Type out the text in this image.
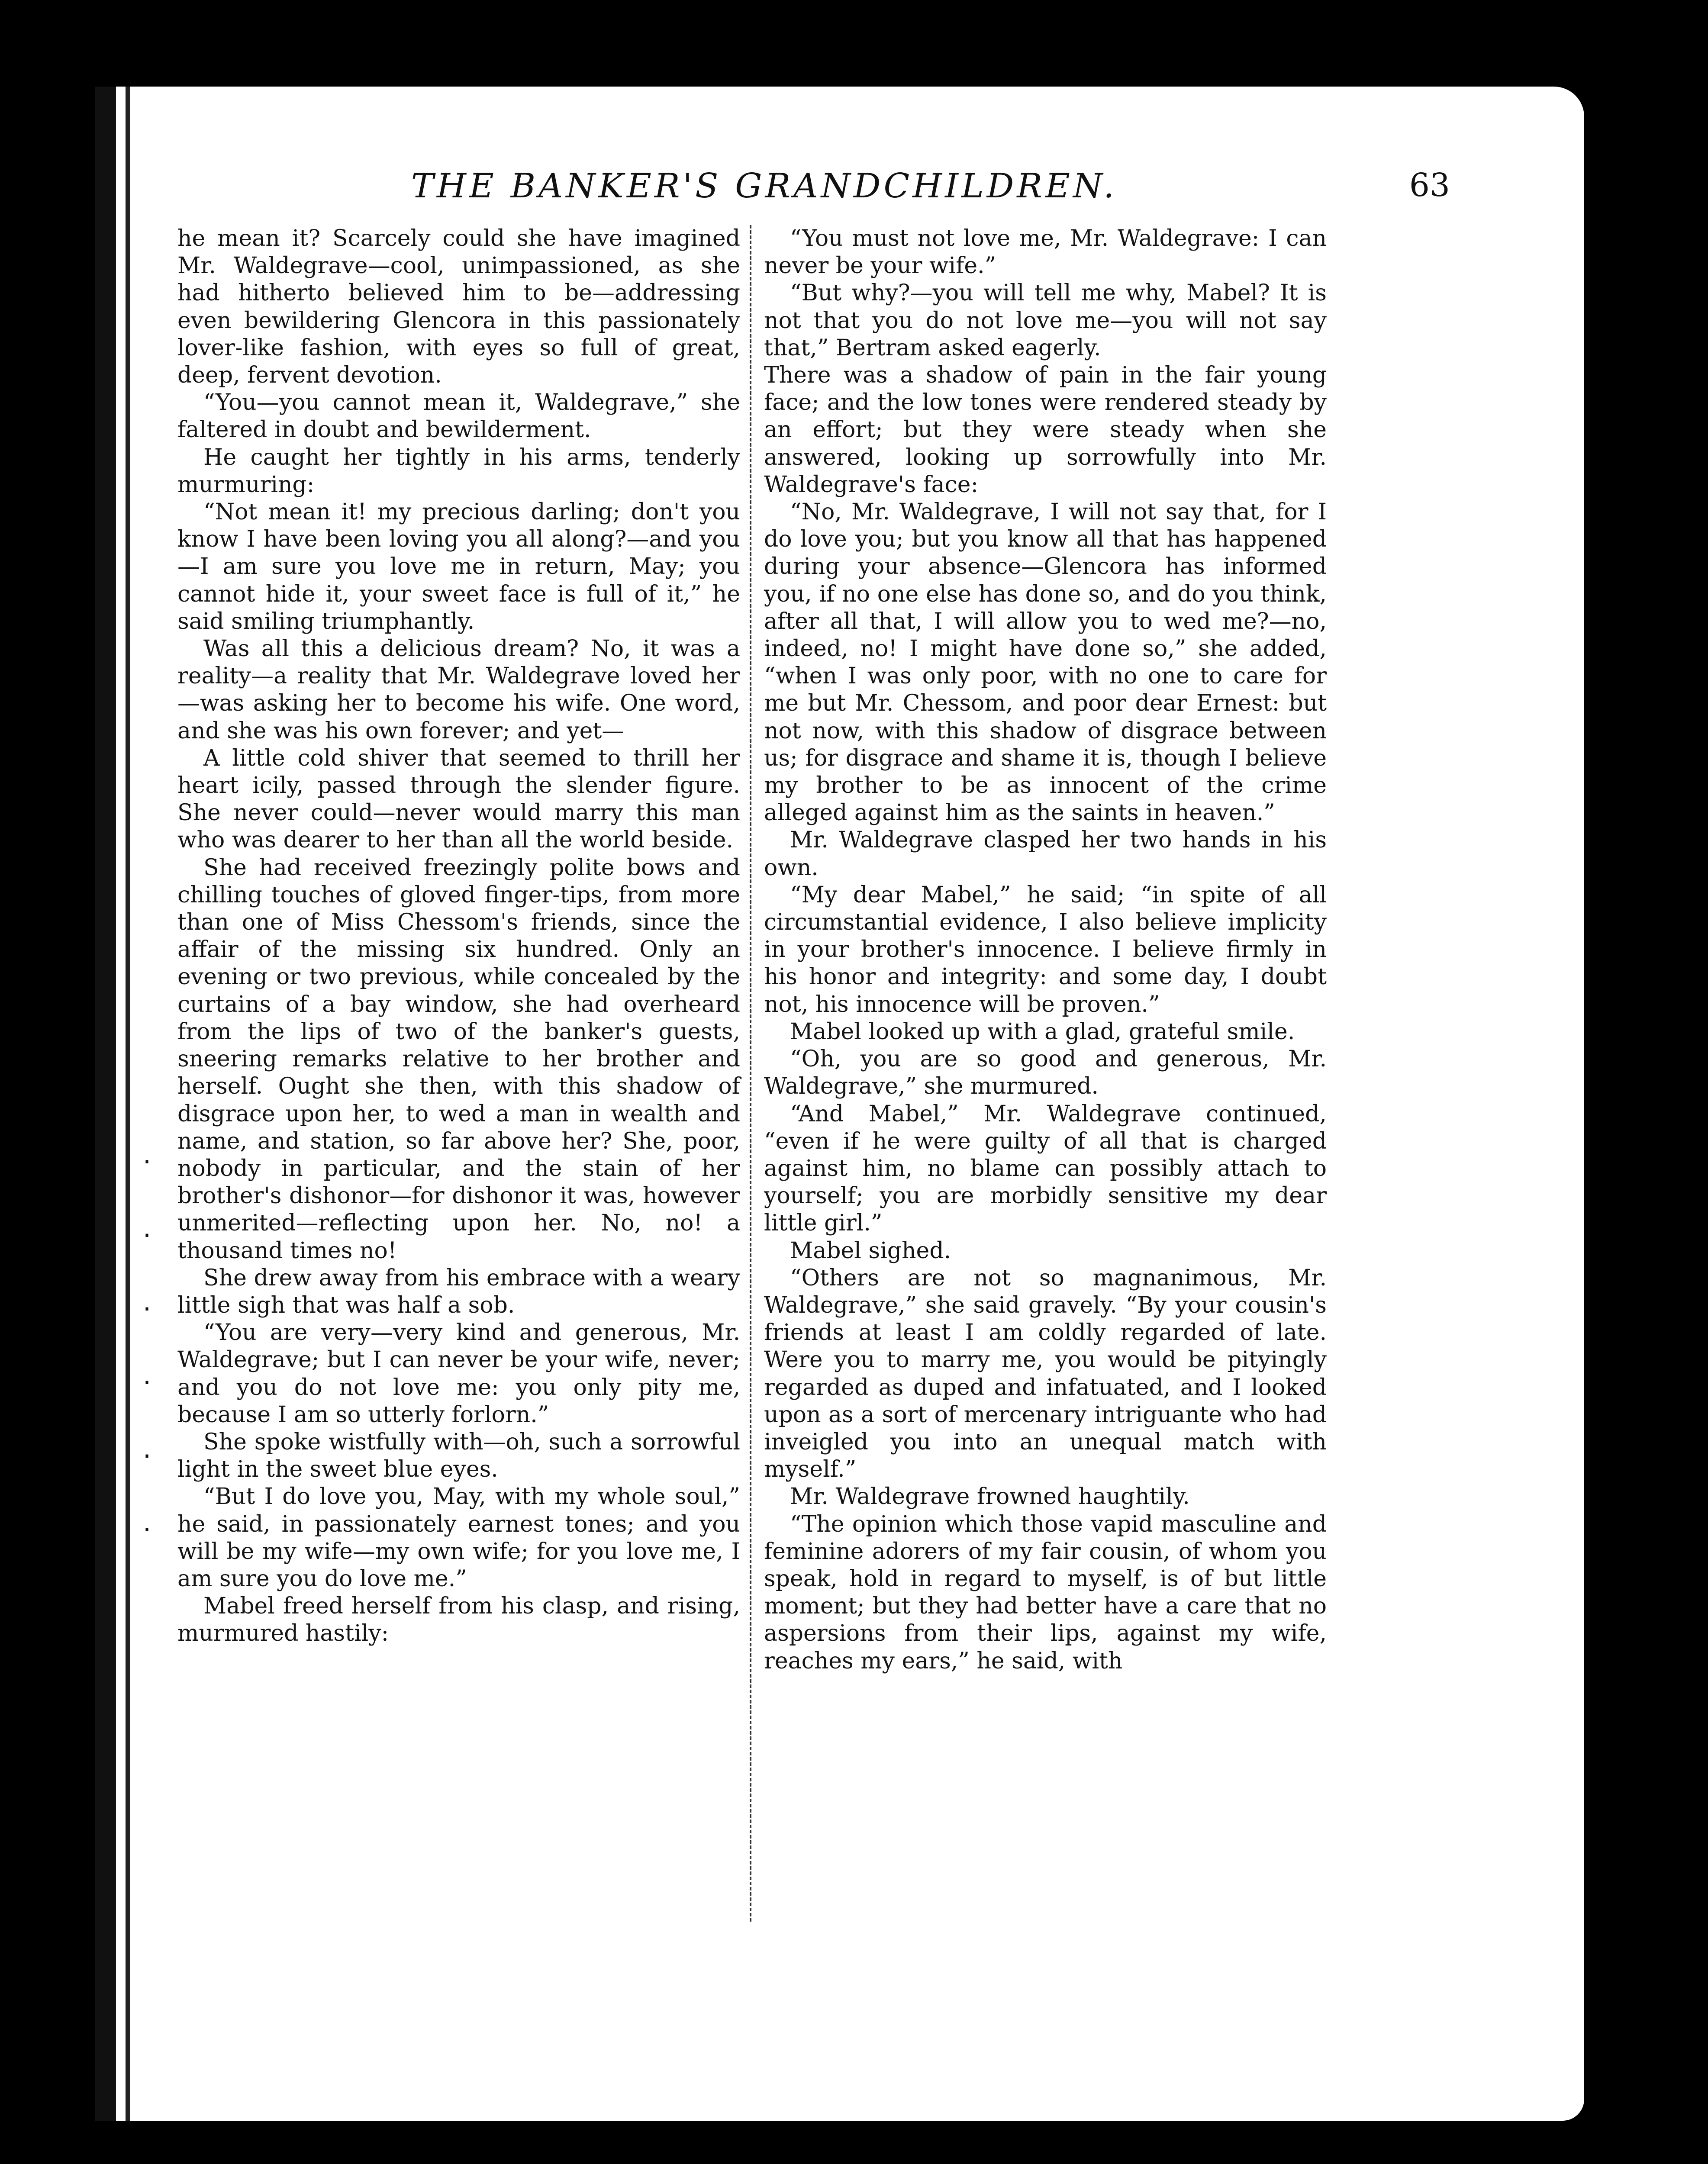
· · · · · ·
THE BANKER'S GRANDCHILDREN.	63

he mean it? Scarcely could she have imagined Mr. Waldegrave—cool, unimpassioned, as she had hitherto believed him to be—addressing even bewildering Glencora in this passionately lover-like fashion, with eyes so full of great, deep, fervent devotion.

“You—you cannot mean it, Waldegrave,” she faltered in doubt and bewilderment.

He caught her tightly in his arms, tenderly murmuring:

“Not mean it! my precious darling; don't you know I have been loving you all along?—and you—I am sure you love me in return, May; you cannot hide it, your sweet face is full of it,” he said smiling triumphantly.

Was all this a delicious dream? No, it was a reality—a reality that Mr. Waldegrave loved her—was asking her to become his wife. One word, and she was his own forever; and yet—

A little cold shiver that seemed to thrill her heart icily, passed through the slender figure. She never could—never would marry this man who was dearer to her than all the world beside.

She had received freezingly polite bows and chilling touches of gloved finger-tips, from more than one of Miss Chessom's friends, since the affair of the missing six hundred. Only an evening or two previous, while concealed by the curtains of a bay window, she had overheard from the lips of two of the banker's guests, sneering remarks relative to her brother and herself. Ought she then, with this shadow of disgrace upon her, to wed a man in wealth and name, and station, so far above her? She, poor, nobody in particular, and the stain of her brother's dishonor—for dishonor it was, however unmerited—reflecting upon her. No, no! a thousand times no!

She drew away from his embrace with a weary little sigh that was half a sob.

“You are very—very kind and generous, Mr. Waldegrave; but I can never be your wife, never; and you do not love me: you only pity me, because I am so utterly forlorn.”

She spoke wistfully with—oh, such a sorrowful light in the sweet blue eyes.

“But I do love you, May, with my whole soul,” he said, in passionately earnest tones; and you will be my wife—my own wife; for you love me, I am sure you do love me.”

Mabel freed herself from his clasp, and rising, murmured hastily:

“You must not love me, Mr. Waldegrave: I can never be your wife.”

“But why?—you will tell me why, Mabel? It is not that you do not love me—you will not say that,” Bertram asked eagerly.

There was a shadow of pain in the fair young face; and the low tones were rendered steady by an effort; but they were steady when she answered, looking up sorrowfully into Mr. Waldegrave's face:

“No, Mr. Waldegrave, I will not say that, for I do love you; but you know all that has happened during your absence—Glencora has informed you, if no one else has done so, and do you think, after all that, I will allow you to wed me?—no, indeed, no! I might have done so,” she added, “when I was only poor, with no one to care for me but Mr. Chessom, and poor dear Ernest: but not now, with this shadow of disgrace between us; for disgrace and shame it is, though I believe my brother to be as innocent of the crime alleged against him as the saints in heaven.”

Mr. Waldegrave clasped her two hands in his own.

“My dear Mabel,” he said; “in spite of all circumstantial evidence, I also believe implicity in your brother's innocence. I believe firmly in his honor and integrity: and some day, I doubt not, his innocence will be proven.”

Mabel looked up with a glad, grateful smile.

“Oh, you are so good and generous, Mr. Waldegrave,” she murmured.

“And Mabel,” Mr. Waldegrave continued, “even if he were guilty of all that is charged against him, no blame can possibly attach to yourself; you are morbidly sensitive my dear little girl.”

Mabel sighed.

“Others are not so magnanimous, Mr. Waldegrave,” she said gravely. “By your cousin's friends at least I am coldly regarded of late. Were you to marry me, you would be pityingly regarded as duped and infatuated, and I looked upon as a sort of mercenary intriguante who had inveigled you into an unequal match with myself.”

Mr. Waldegrave frowned haughtily.

“The opinion which those vapid masculine and feminine adorers of my fair cousin, of whom you speak, hold in regard to myself, is of but little moment; but they had better have a care that no aspersions from their lips, against my wife, reaches my ears,” he said, with
